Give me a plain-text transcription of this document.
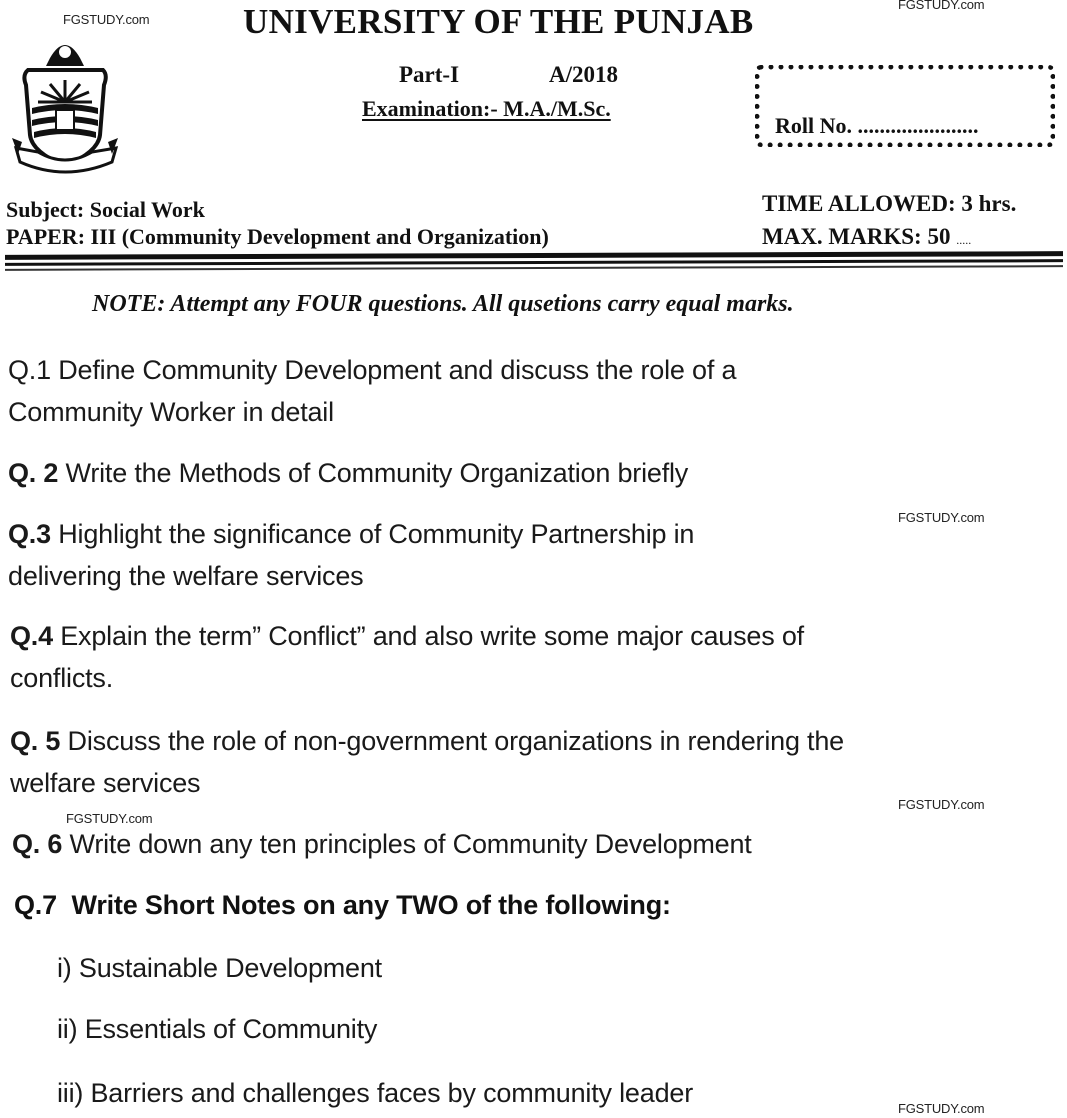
FGSTUDY.com
FGSTUDY.com
FGSTUDY.com
FGSTUDY.com
FGSTUDY.com
FGSTUDY.com
UNIVERSITY OF THE PUNJAB
Part-I	A/2018
Examination:- M.A./M.Sc.
Roll No. ......................
Subject: Social Work
PAPER: III (Community Development and Organization)
TIME ALLOWED: 3 hrs.
MAX. MARKS: 50 .....
NOTE: Attempt any FOUR questions. All qusetions carry equal marks.
Q.1 Define Community Development and discuss the role of a
Community Worker in detail
Q. 2 Write the Methods of Community Organization briefly
Q.3 Highlight the significance of Community Partnership in
delivering the welfare services
Q.4 Explain the term” Conflict” and also write some major causes of
conflicts.
Q. 5 Discuss the role of non-government organizations in rendering the
welfare services
Q. 6 Write down any ten principles of Community Development
Q.7 Write Short Notes on any TWO of the following:
i) Sustainable Development
ii) Essentials of Community
iii) Barriers and challenges faces by community leader
